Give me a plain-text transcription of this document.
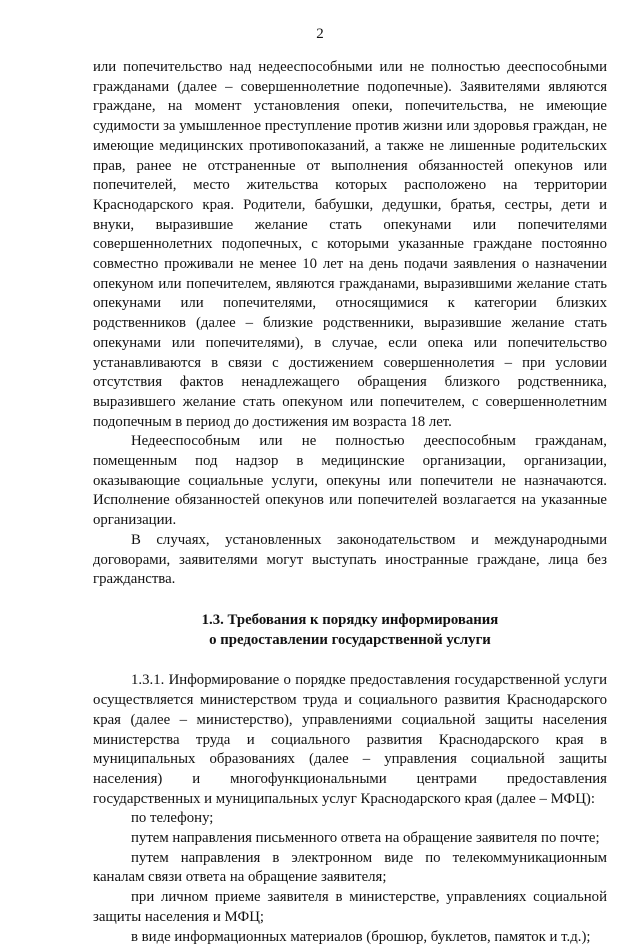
2

или попечительство над недееспособными или не полностью дееспособными гражданами (далее – совершеннолетние подопечные). Заявителями являются граждане, на момент установления опеки, попечительства, не имеющие судимости за умышленное преступление против жизни или здоровья граждан, не имеющие медицинских противопоказаний, а также не лишенные родительских прав, ранее не отстраненные от выполнения обязанностей опекунов или попечителей, место жительства которых расположено на территории Краснодарского края. Родители, бабушки, дедушки, братья, сестры, дети и внуки, выразившие желание стать опекунами или попечителями совершеннолетних подопечных, с которыми указанные граждане постоянно совместно проживали не менее 10 лет на день подачи заявления о назначении опекуном или попечителем, являются гражданами, выразившими желание стать опекунами или попечителями, относящимися к категории близких родственников (далее – близкие родственники, выразившие желание стать опекунами или попечителями), в случае, если опека или попечительство устанавливаются в связи с достижением совершеннолетия – при условии отсутствия фактов ненадлежащего обращения близкого родственника, выразившего желание стать опекуном или попечителем, с совершеннолетним подопечным в период до достижения им возраста 18 лет.

Недееспособным или не полностью дееспособным гражданам, помещенным под надзор в медицинские организации, организации, оказывающие социальные услуги, опекуны или попечители не назначаются. Исполнение обязанностей опекунов или попечителей возлагается на указанные организации.

В случаях, установленных законодательством и международными договорами, заявителями могут выступать иностранные граждане, лица без гражданства.

1.3. Требования к порядку информирования
о предоставлении государственной услуги

1.3.1. Информирование о порядке предоставления государственной услуги осуществляется министерством труда и социального развития Краснодарского края (далее – министерство), управлениями социальной защиты населения министерства труда и социального развития Краснодарского края в муниципальных образованиях (далее – управления социальной защиты населения) и многофункциональными центрами предоставления государственных и муниципальных услуг Краснодарского края (далее – МФЦ):

по телефону;

путем направления письменного ответа на обращение заявителя по почте;

путем направления в электронном виде по телекоммуникационным каналам связи ответа на обращение заявителя;

при личном приеме заявителя в министерстве, управлениях социальной защиты населения и МФЦ;

в виде информационных материалов (брошюр, буклетов, памяток и т.д.);
